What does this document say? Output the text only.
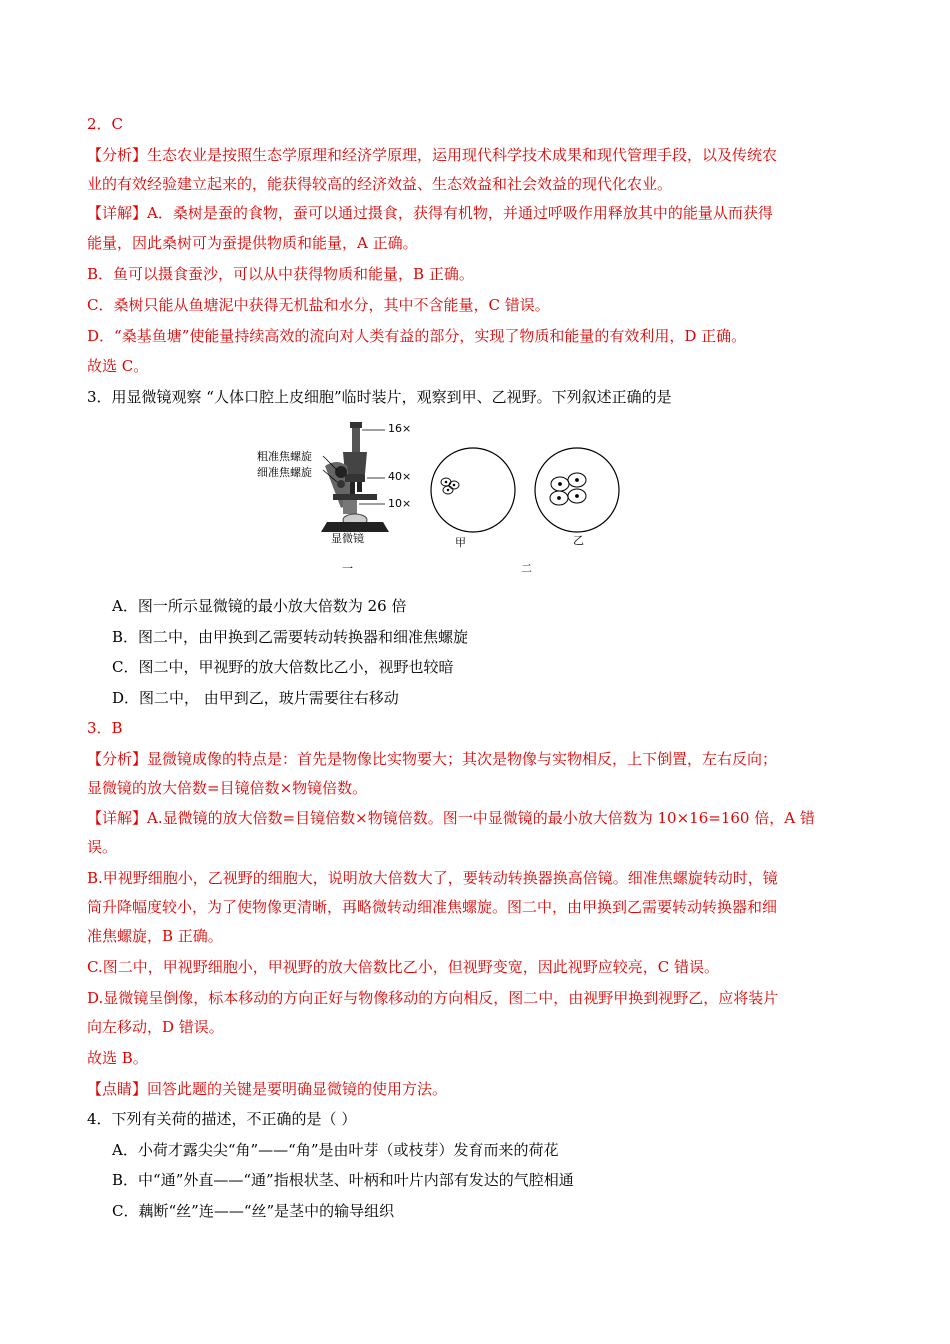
2．C
【分析】生态农业是按照生态学原理和经济学原理，运用现代科学技术成果和现代管理手段，以及传统农
业的有效经验建立起来的，能获得较高的经济效益、生态效益和社会效益的现代化农业。
【详解】A．桑树是蚕的食物，蚕可以通过摄食，获得有机物，并通过呼吸作用释放其中的能量从而获得
能量，因此桑树可为蚕提供物质和能量，A 正确。
B．鱼可以摄食蚕沙，可以从中获得物质和能量，B 正确。
C．桑树只能从鱼塘泥中获得无机盐和水分，其中不含能量，C 错误。
D．“桑基鱼塘”使能量持续高效的流向对人类有益的部分，实现了物质和能量的有效利用，D 正确。
故选 C。
3．用显微镜观察 “人体口腔上皮细胞”临时装片，观察到甲、乙视野。下列叙述正确的是
16×
粗准焦螺旋
细准焦螺旋	40×
10×
显微镜	甲	乙
一	二
A．图一所示显微镜的最小放大倍数为 26 倍
B．图二中，由甲换到乙需要转动转换器和细准焦螺旋
C．图二中，甲视野的放大倍数比乙小，视野也较暗
D．图二中， 由甲到乙，玻片需要往右移动
3．B
【分析】显微镜成像的特点是：首先是物像比实物要大；其次是物像与实物相反，上下倒置，左右反向；
显微镜的放大倍数=目镜倍数×物镜倍数。
【详解】A.显微镜的放大倍数=目镜倍数×物镜倍数。图一中显微镜的最小放大倍数为 10×16=160 倍，A 错
误。
B.甲视野细胞小，乙视野的细胞大，说明放大倍数大了，要转动转换器换高倍镜。细准焦螺旋转动时，镜
筒升降幅度较小，为了使物像更清晰，再略微转动细准焦螺旋。图二中，由甲换到乙需要转动转换器和细
准焦螺旋，B 正确。
C.图二中，甲视野细胞小，甲视野的放大倍数比乙小，但视野变宽，因此视野应较亮，C 错误。
D.显微镜呈倒像，标本移动的方向正好与物像移动的方向相反，图二中，由视野甲换到视野乙，应将装片
向左移动，D 错误。
故选 B。
【点睛】回答此题的关键是要明确显微镜的使用方法。
4．下列有关荷的描述，不正确的是（ ）
A．小荷才露尖尖“角”——“角”是由叶芽（或枝芽）发育而来的荷花
B．中“通”外直——“通”指根状茎、叶柄和叶片内部有发达的气腔相通
C．藕断“丝”连——“丝”是茎中的输导组织
